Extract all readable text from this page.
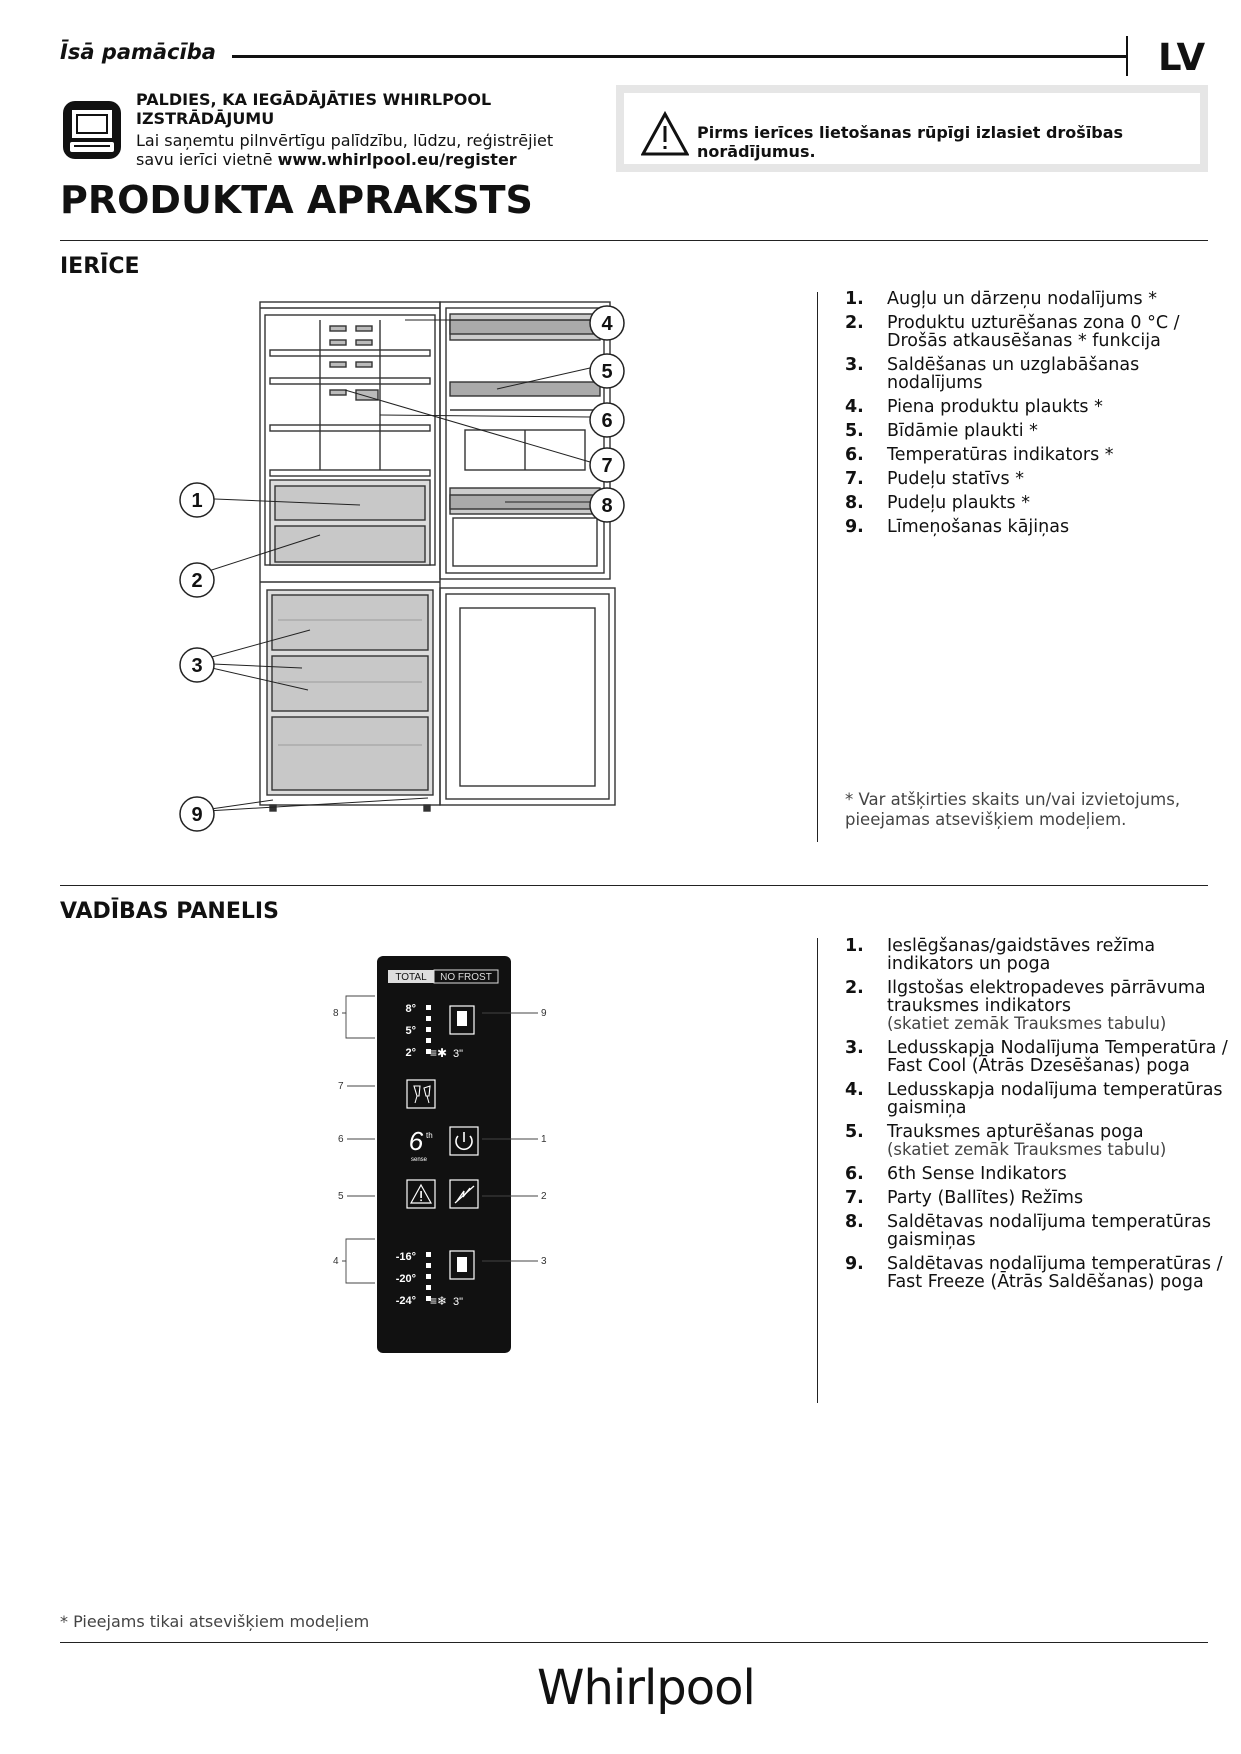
Īsā pamācība	LV
PALDIES, KA IEGĀDĀJĀTIES WHIRLPOOL IZSTRĀDĀJUMU
Lai saņemtu pilnvērtīgu palīdzību, lūdzu, reģistrējiet savu ierīci vietnē www.whirlpool.eu/register
Pirms ierīces lietošanas rūpīgi izlasiet drošības norādījumus.
PRODUKTA APRAKSTS
IERĪCE
4
5
6
7
8
1
2
3
9
1. Augļu un dārzeņu nodalījums *
2. Produktu uzturēšanas zona 0 °C / Drošās atkausēšanas * funkcija
3. Saldēšanas un uzglabāšanas nodalījums
4. Piena produktu plaukts *
5. Bīdāmie plaukti *
6. Temperatūras indikators *
7. Pudeļu statīvs *
8. Pudeļu plaukts *
9. Līmeņošanas kājiņas
* Var atšķirties skaits un/vai izvietojums, pieejamas atsevišķiem modeļiem.
VADĪBAS PANELIS
TOTAL NO FROST
8°
5°
2°	3"
≡✱
6 th
sense
-16°
-20°
-24°	3"
≡❄
8	9
7
6	1
5	2
4	3
1. Ieslēgšanas/gaidstāves režīma indikators un poga
2. Ilgstošas elektropadeves pārrāvuma trauksmes indikators
(skatiet zemāk Trauksmes tabulu)
3. Ledusskapja Nodalījuma Temperatūra / Fast Cool (Ātrās Dzesēšanas) poga
4. Ledusskapja nodalījuma temperatūras gaismiņa
5. Trauksmes apturēšanas poga
(skatiet zemāk Trauksmes tabulu)
6. 6th Sense Indikators
7. Party (Ballītes) Režīms
8. Saldētavas nodalījuma temperatūras gaismiņas
9. Saldētavas nodalījuma temperatūras / Fast Freeze (Ātrās Saldēšanas) poga
* Pieejams tikai atsevišķiem modeļiem
Whirlpool
